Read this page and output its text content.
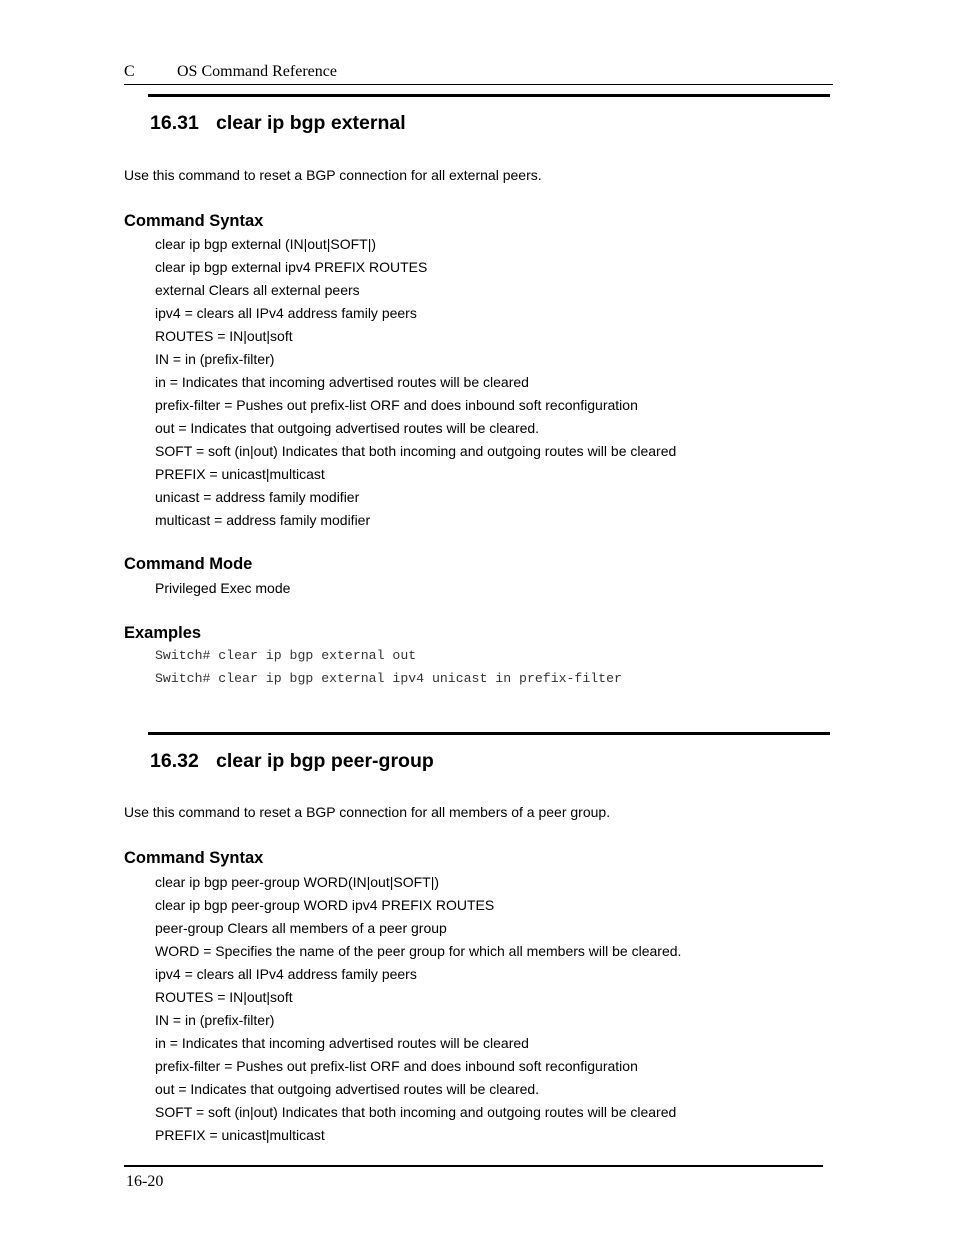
C	OS Command Reference
16.31 clear ip bgp external
Use this command to reset a BGP connection for all external peers.
Command Syntax
clear ip bgp external (IN|out|SOFT|)
clear ip bgp external ipv4 PREFIX ROUTES
external Clears all external peers
ipv4 = clears all IPv4 address family peers
ROUTES = IN|out|soft
IN = in (prefix-filter)
in = Indicates that incoming advertised routes will be cleared
prefix-filter = Pushes out prefix-list ORF and does inbound soft reconfiguration
out = Indicates that outgoing advertised routes will be cleared.
SOFT = soft (in|out) Indicates that both incoming and outgoing routes will be cleared
PREFIX = unicast|multicast
unicast = address family modifier
multicast = address family modifier
Command Mode
Privileged Exec mode
Examples
Switch# clear ip bgp external out
Switch# clear ip bgp external ipv4 unicast in prefix-filter
16.32 clear ip bgp peer-group
Use this command to reset a BGP connection for all members of a peer group.
Command Syntax
clear ip bgp peer-group WORD(IN|out|SOFT|)
clear ip bgp peer-group WORD ipv4 PREFIX ROUTES
peer-group Clears all members of a peer group
WORD = Specifies the name of the peer group for which all members will be cleared.
ipv4 = clears all IPv4 address family peers
ROUTES = IN|out|soft
IN = in (prefix-filter)
in = Indicates that incoming advertised routes will be cleared
prefix-filter = Pushes out prefix-list ORF and does inbound soft reconfiguration
out = Indicates that outgoing advertised routes will be cleared.
SOFT = soft (in|out) Indicates that both incoming and outgoing routes will be cleared
PREFIX = unicast|multicast
16-20
